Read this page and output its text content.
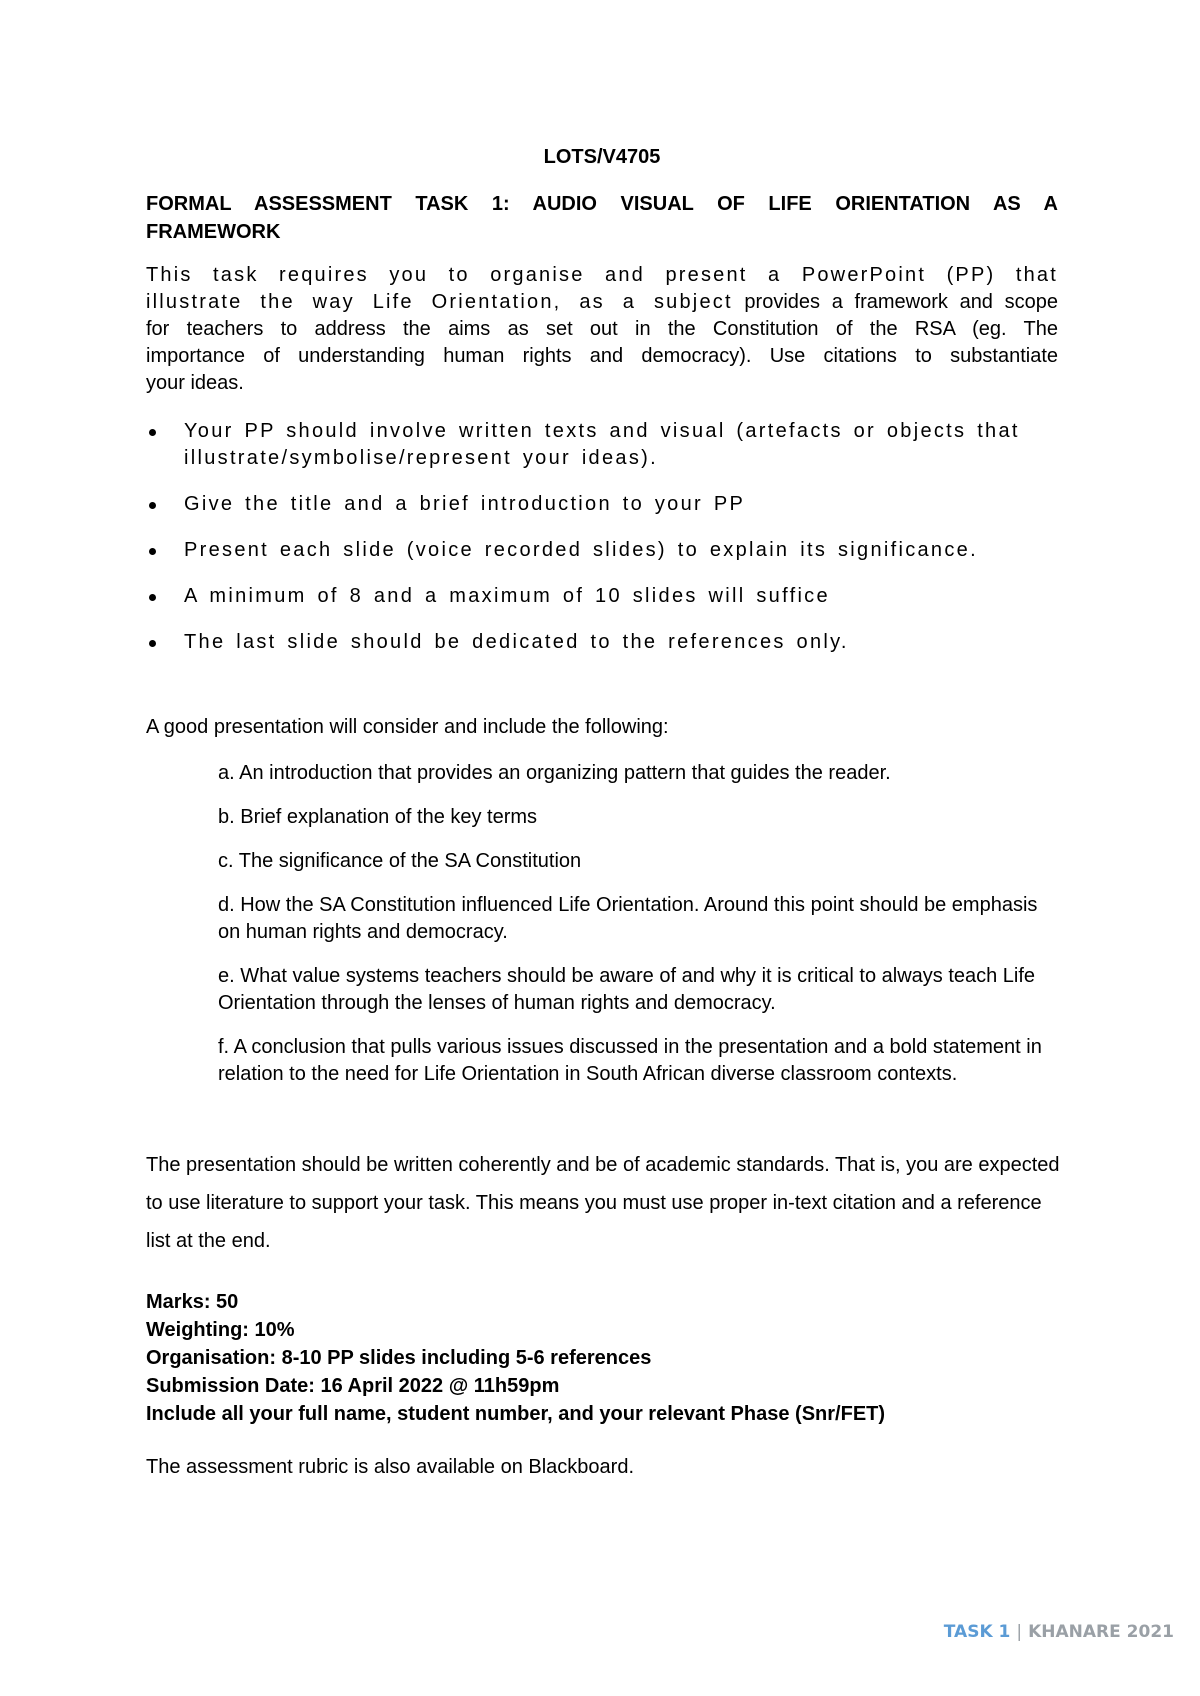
LOTS/V4705
FORMAL ASSESSMENT TASK 1: AUDIO VISUAL OF LIFE ORIENTATION AS A
FRAMEWORK
This task requires you to organise and present a PowerPoint (PP) that
illustrate the way Life Orientation, as a subject provides a framework and scope
for teachers to address the aims as set out in the Constitution of the RSA (eg. The
importance of understanding human rights and democracy). Use citations to substantiate
your ideas.
Your PP should involve written texts and visual (artefacts or objects that illustrate/symbolise/represent your ideas).
Give the title and a brief introduction to your PP
Present each slide (voice recorded slides) to explain its significance.
A minimum of 8 and a maximum of 10 slides will suffice
The last slide should be dedicated to the references only.
A good presentation will consider and include the following:
a. An introduction that provides an organizing pattern that guides the reader.
b. Brief explanation of the key terms
c. The significance of the SA Constitution
d. How the SA Constitution influenced Life Orientation. Around this point should be emphasis on human rights and democracy.
e. What value systems teachers should be aware of and why it is critical to always teach Life Orientation through the lenses of human rights and democracy.
f. A conclusion that pulls various issues discussed in the presentation and a bold statement in relation to the need for Life Orientation in South African diverse classroom contexts.
The presentation should be written coherently and be of academic standards. That is, you are expected to use literature to support your task. This means you must use proper in-text citation and a reference list at the end.
Marks: 50
Weighting: 10%
Organisation: 8-10 PP slides including 5-6 references
Submission Date: 16 April 2022 @ 11h59pm
Include all your full name, student number, and your relevant Phase (Snr/FET)
The assessment rubric is also available on Blackboard.
TASK 1 | KHANARE 2021
